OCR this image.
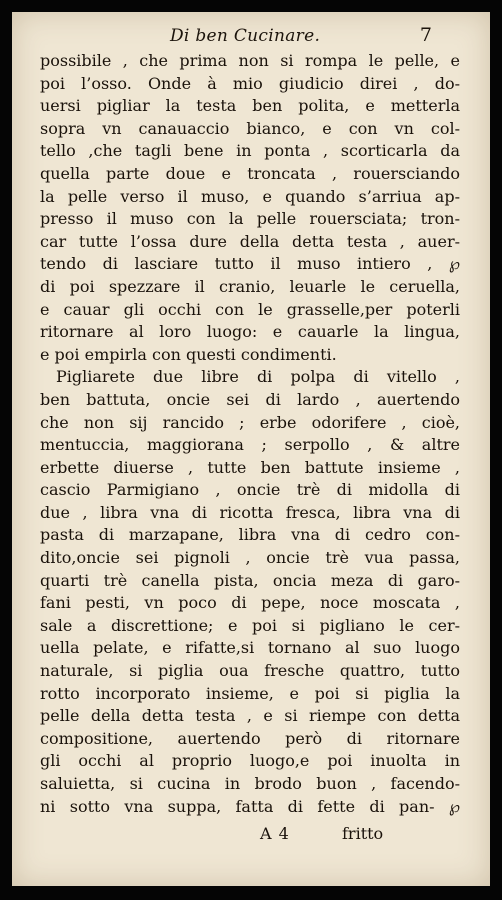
Di ben Cucinare.	7
possibile , che prima non si rompa le pelle, e
poi l’osso. Onde à mio giudicio direi , do-
uersi pigliar la testa ben polita, e metterla
sopra vn canauaccio bianco, e con vn col-
tello ,che tagli bene in ponta , scorticarla da
quella parte doue e troncata , rouersciando
la pelle verso il muso, e quando s’arriua ap-
presso il muso con la pelle rouersciata; tron-
car tutte l’ossa dure della detta testa , auer-
tendo di lasciare tutto il muso intiero , ℘
di poi spezzare il cranio, leuarle le ceruella,
e cauar gli occhi con le grasselle,per poterli
ritornare al loro luogo: e cauarle la lingua,
e poi empirla con questi condimenti.
Pigliarete due libre di polpa di vitello ,
ben battuta, oncie sei di lardo , auertendo
che non sij rancido ; erbe odorifere , cioè,
mentuccia, maggiorana ; serpollo , & altre
erbette diuerse , tutte ben battute insieme ,
cascio Parmigiano , oncie trè di midolla di
due , libra vna di ricotta fresca, libra vna di
pasta di marzapane, libra vna di cedro con-
dito,oncie sei pignoli , oncie trè vua passa,
quarti trè canella pista, oncia meza di garo-
fani pesti, vn poco di pepe, noce moscata ,
sale a discrettione; e poi si pigliano le cer-
uella pelate, e rifatte,si tornano al suo luogo
naturale, si piglia oua fresche quattro, tutto
rotto incorporato insieme, e poi si piglia la
pelle della detta testa , e si riempe con detta
compositione, auertendo però di ritornare
gli occhi al proprio luogo,e poi inuolta in
saluietta, si cucina in brodo buon , facendo-
ni sotto vna suppa, fatta di fette di pan- ℘
A 4	fritto
